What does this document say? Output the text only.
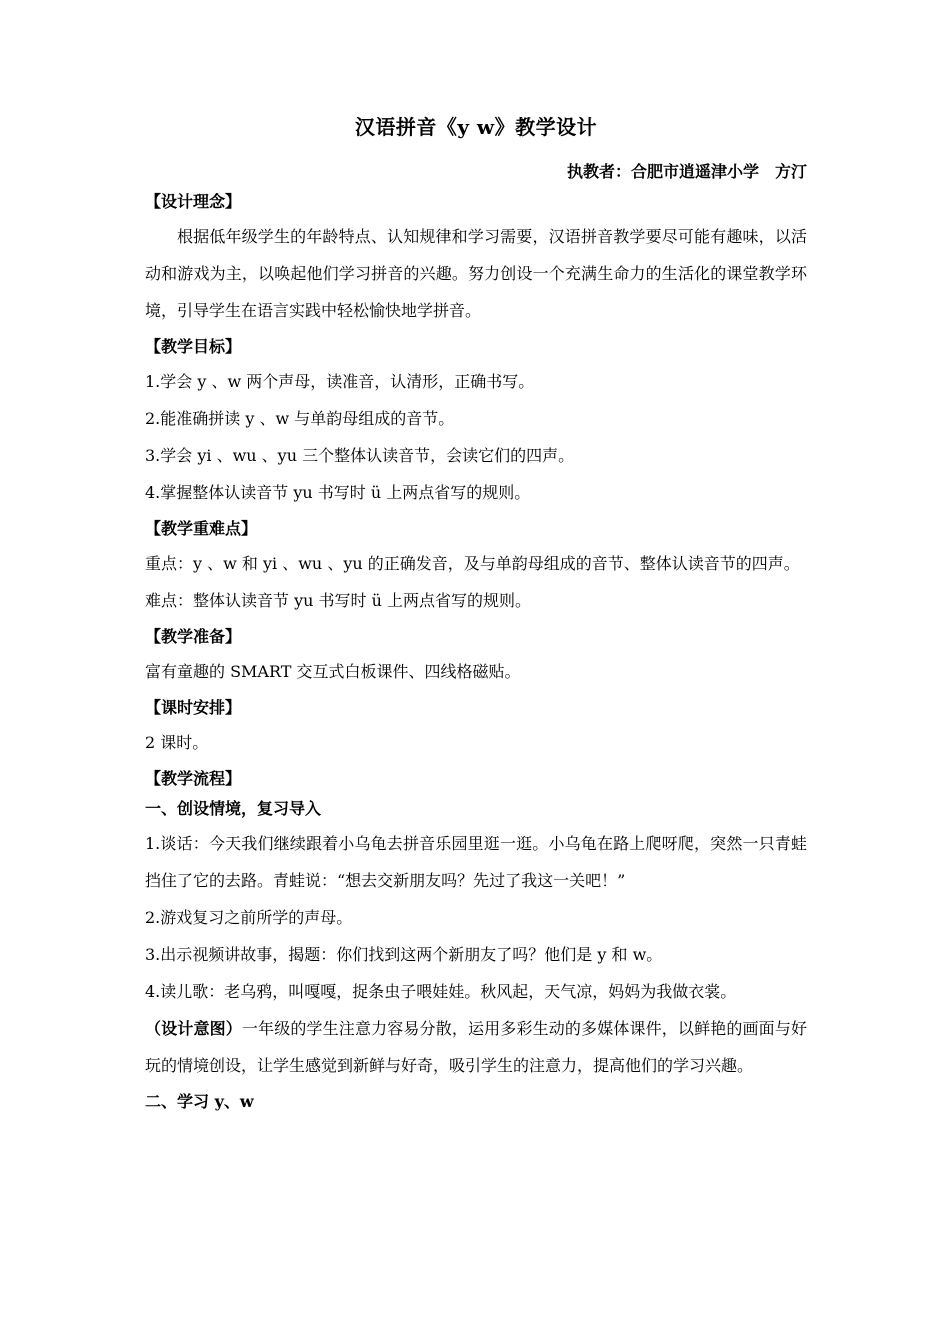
汉语拼音《y w》教学设计
执教者：合肥市逍遥津小学　方汀
【设计理念】

根据低年级学生的年龄特点、认知规律和学习需要，汉语拼音教学要尽可能有趣味，以活动和游戏为主，以唤起他们学习拼音的兴趣。努力创设一个充满生命力的生活化的课堂教学环境，引导学生在语言实践中轻松愉快地学拼音。

【教学目标】

1.学会 y 、w 两个声母，读准音，认清形，正确书写。

2.能准确拼读 y 、w 与单韵母组成的音节。

3.学会 yi 、wu 、yu 三个整体认读音节，会读它们的四声。

4.掌握整体认读音节 yu 书写时 ü 上两点省写的规则。

【教学重难点】

重点：y 、w 和 yi 、wu 、yu 的正确发音，及与单韵母组成的音节、整体认读音节的四声。

难点：整体认读音节 yu 书写时 ü 上两点省写的规则。

【教学准备】

富有童趣的 SMART 交互式白板课件、四线格磁贴。

【课时安排】

2 课时。

【教学流程】
一、创设情境，复习导入

1.谈话：今天我们继续跟着小乌龟去拼音乐园里逛一逛。小乌龟在路上爬呀爬，突然一只青蛙挡住了它的去路。青蛙说：“想去交新朋友吗？先过了我这一关吧！”

2.游戏复习之前所学的声母。

3.出示视频讲故事，揭题：你们找到这两个新朋友了吗？他们是 y 和 w。

4.读儿歌：老乌鸦，叫嘎嘎，捉条虫子喂娃娃。秋风起，天气凉，妈妈为我做衣裳。

（设计意图）一年级的学生注意力容易分散，运用多彩生动的多媒体课件，以鲜艳的画面与好玩的情境创设，让学生感觉到新鲜与好奇，吸引学生的注意力，提高他们的学习兴趣。

二、学习 y、w
